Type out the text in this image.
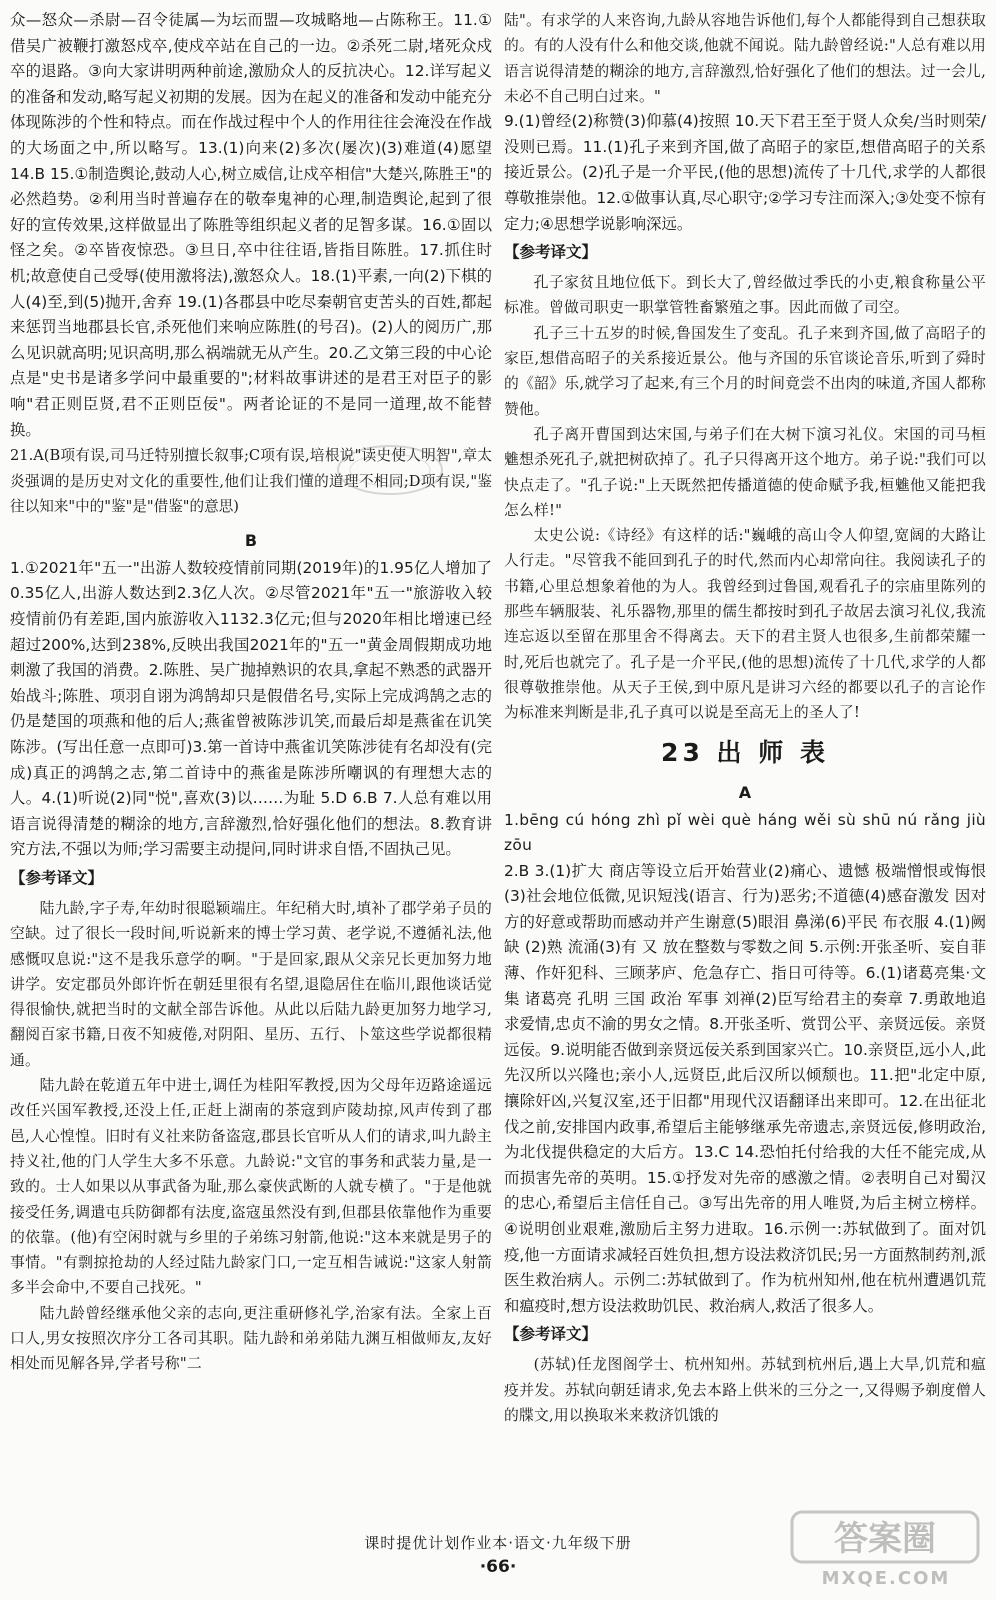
众—怒众—杀尉—召令徒属—为坛而盟—攻城略地—占陈称王。11.①借吴广被鞭打激怒戍卒,使戍卒站在自己的一边。②杀死二尉,堵死众戍卒的退路。③向大家讲明两种前途,激励众人的反抗决心。12.详写起义的准备和发动,略写起义初期的发展。因为在起义的准备和发动中能充分体现陈涉的个性和特点。而在作战过程中个人的作用往往会淹没在作战的大场面之中,所以略写。13.(1)向来(2)多次(屡次)(3)难道(4)愿望 14.B 15.①制造舆论,鼓动人心,树立威信,让戍卒相信"大楚兴,陈胜王"的必然趋势。②利用当时普遍存在的敬奉鬼神的心理,制造舆论,起到了很好的宣传效果,这样做显出了陈胜等组织起义者的足智多谋。16.①固以怪之矣。②卒皆夜惊恐。③旦日,卒中往往语,皆指目陈胜。17.抓住时机;故意使自己受辱(使用激将法),激怒众人。18.(1)平素,一向(2)下棋的人(4)至,到(5)抛开,舍弃 19.(1)各郡县中吃尽秦朝官吏苦头的百姓,都起来惩罚当地郡县长官,杀死他们来响应陈胜(的号召)。(2)人的阅历广,那么见识就高明;见识高明,那么祸端就无从产生。20.乙文第三段的中心论点是"史书是诸多学问中最重要的";材料故事讲述的是君王对臣子的影响"君正则臣贤,君不正则臣佞"。两者论证的不是同一道理,故不能替换。

21.A(B项有误,司马迁特别擅长叙事;C项有误,培根说"读史使人明智",章太炎强调的是历史对文化的重要性,他们让我们懂的道理不相同;D项有误,"鉴往以知来"中的"鉴"是"借鉴"的意思)

B

1.①2021年"五一"出游人数较疫情前同期(2019年)的1.95亿人增加了0.35亿人,出游人数达到2.3亿人次。②尽管2021年"五一"旅游收入较疫情前仍有差距,国内旅游收入1132.3亿元;但与2020年相比增速已经超过200%,达到238%,反映出我国2021年的"五一"黄金周假期成功地刺激了我国的消费。2.陈胜、吴广抛掉熟识的农具,拿起不熟悉的武器开始战斗;陈胜、项羽自诩为鸿鹄却只是假借名号,实际上完成鸿鹄之志的仍是楚国的项燕和他的后人;燕雀曾被陈涉讥笑,而最后却是燕雀在讥笑陈涉。(写出任意一点即可)3.第一首诗中燕雀讥笑陈涉徒有名却没有(完成)真正的鸿鹄之志,第二首诗中的燕雀是陈涉所嘲讽的有理想大志的人。4.(1)听说(2)同"悦",喜欢(3)以……为耻 5.D 6.B 7.人总有难以用语言说得清楚的糊涂的地方,言辞激烈,恰好强化他们的想法。8.教育讲究方法,不强以为师;学习需要主动提问,同时讲求自悟,不固执己见。

【参考译文】

陆九龄,字子寿,年幼时很聪颖端庄。年纪稍大时,填补了郡学弟子员的空缺。过了很长一段时间,听说新来的博士学习黄、老学说,不遵循礼法,他感慨叹息说:"这不是我乐意学的啊。"于是回家,跟从父亲兄长更加努力地讲学。安定郡员外郎许忻在朝廷里很有名望,退隐居住在临川,跟他谈话觉得很愉快,就把当时的文献全部告诉他。从此以后陆九龄更加努力地学习,翻阅百家书籍,日夜不知疲倦,对阴阳、星历、五行、卜筮这些学说都很精通。

陆九龄在乾道五年中进士,调任为桂阳军教授,因为父母年迈路途遥远改任兴国军教授,还没上任,正赶上湖南的茶寇到庐陵劫掠,风声传到了郡邑,人心惶惶。旧时有义社来防备盗寇,郡县长官听从人们的请求,叫九龄主持义社,他的门人学生大多不乐意。九龄说:"文官的事务和武装力量,是一致的。士人如果以从事武备为耻,那么豪侠武断的人就专横了。"于是他就接受任务,调遣屯兵防御都有法度,盗寇虽然没有到,但郡县依靠他作为重要的依靠。(他)有空闲时就与乡里的子弟练习射箭,他说:"这本来就是男子的事情。"有剽掠抢劫的人经过陆九龄家门口,一定互相告诫说:"这家人射箭多半会命中,不要自己找死。"

陆九龄曾经继承他父亲的志向,更注重研修礼学,治家有法。全家上百口人,男女按照次序分工各司其职。陆九龄和弟弟陆九渊互相做师友,友好相处而见解各异,学者号称"二

陆"。有求学的人来咨询,九龄从容地告诉他们,每个人都能得到自己想获取的。有的人没有什么和他交谈,他就不闻说。陆九龄曾经说:"人总有难以用语言说得清楚的糊涂的地方,言辞激烈,恰好强化了他们的想法。过一会儿,未必不自己明白过来。"

9.(1)曾经(2)称赞(3)仰慕(4)按照 10.天下君王至于贤人众矣/当时则荣/没则已焉。11.(1)孔子来到齐国,做了高昭子的家臣,想借高昭子的关系接近景公。(2)孔子是一介平民,(他的思想)流传了十几代,求学的人都很尊敬推崇他。12.①做事认真,尽心职守;②学习专注而深入;③处变不惊有定力;④思想学说影响深远。

【参考译文】

孔子家贫且地位低下。到长大了,曾经做过季氏的小吏,粮食称量公平标准。曾做司职吏一职掌管牲畜繁殖之事。因此而做了司空。

孔子三十五岁的时候,鲁国发生了变乱。孔子来到齐国,做了高昭子的家臣,想借高昭子的关系接近景公。他与齐国的乐官谈论音乐,听到了舜时的《韶》乐,就学习了起来,有三个月的时间竟尝不出肉的味道,齐国人都称赞他。

孔子离开曹国到达宋国,与弟子们在大树下演习礼仪。宋国的司马桓魋想杀死孔子,就把树砍掉了。孔子只得离开这个地方。弟子说:"我们可以快点走了。"孔子说:"上天既然把传播道德的使命赋予我,桓魋他又能把我怎么样!"

太史公说:《诗经》有这样的话:"巍峨的高山令人仰望,宽阔的大路让人行走。"尽管我不能回到孔子的时代,然而内心却常向往。我阅读孔子的书籍,心里总想象着他的为人。我曾经到过鲁国,观看孔子的宗庙里陈列的那些车辆服装、礼乐器物,那里的儒生都按时到孔子故居去演习礼仪,我流连忘返以至留在那里舍不得离去。天下的君主贤人也很多,生前都荣耀一时,死后也就完了。孔子是一介平民,(他的思想)流传了十几代,求学的人都很尊敬推崇他。从天子王侯,到中原凡是讲习六经的都要以孔子的言论作为标准来判断是非,孔子真可以说是至高无上的圣人了!

23 出 师 表
A

1.bēng cú hóng zhì pǐ wèi què háng wěi sù shū nú rǎng jiù zōu

2.B 3.(1)扩大 商店等设立后开始营业(2)痛心、遗憾 极端憎恨或悔恨(3)社会地位低微,见识短浅(语言、行为)恶劣;不道德(4)感奋激发 因对方的好意或帮助而感动并产生谢意(5)眼泪 鼻涕(6)平民 布衣服 4.(1)阙 缺 (2)熟 流涌(3)有 又 放在整数与零数之间 5.示例:开张圣听、妄自菲薄、作奸犯科、三顾茅庐、危急存亡、指日可待等。6.(1)诸葛亮集·文集 诸葛亮 孔明 三国 政治 军事 刘禅(2)臣写给君主的奏章 7.勇敢地追求爱情,忠贞不渝的男女之情。8.开张圣听、赏罚公平、亲贤远佞。亲贤远佞。9.说明能否做到亲贤远佞关系到国家兴亡。10.亲贤臣,远小人,此先汉所以兴隆也;亲小人,远贤臣,此后汉所以倾颓也。11.把"北定中原,攘除奸凶,兴复汉室,还于旧都"用现代汉语翻译出来即可。12.在出征北伐之前,安排国内政事,希望后主能够继承先帝遗志,亲贤远佞,修明政治,为北伐提供稳定的大后方。13.C 14.恐怕托付给我的大任不能完成,从而损害先帝的英明。15.①抒发对先帝的感激之情。②表明自己对蜀汉的忠心,希望后主信任自己。③写出先帝的用人唯贤,为后主树立榜样。④说明创业艰难,激励后主努力进取。16.示例一:苏轼做到了。面对饥疫,他一方面请求减轻百姓负担,想方设法救济饥民;另一方面熬制药剂,派医生救治病人。示例二:苏轼做到了。作为杭州知州,他在杭州遭遇饥荒和瘟疫时,想方设法救助饥民、救治病人,救活了很多人。

【参考译文】

(苏轼)任龙图阁学士、杭州知州。苏轼到杭州后,遇上大旱,饥荒和瘟疫并发。苏轼向朝廷请求,免去本路上供米的三分之一,又得赐予剃度僧人的牒文,用以换取米来救济饥饿的

课时提优计划作业本·语文·九年级下册
·66·
答案圈
MXQE.COM
